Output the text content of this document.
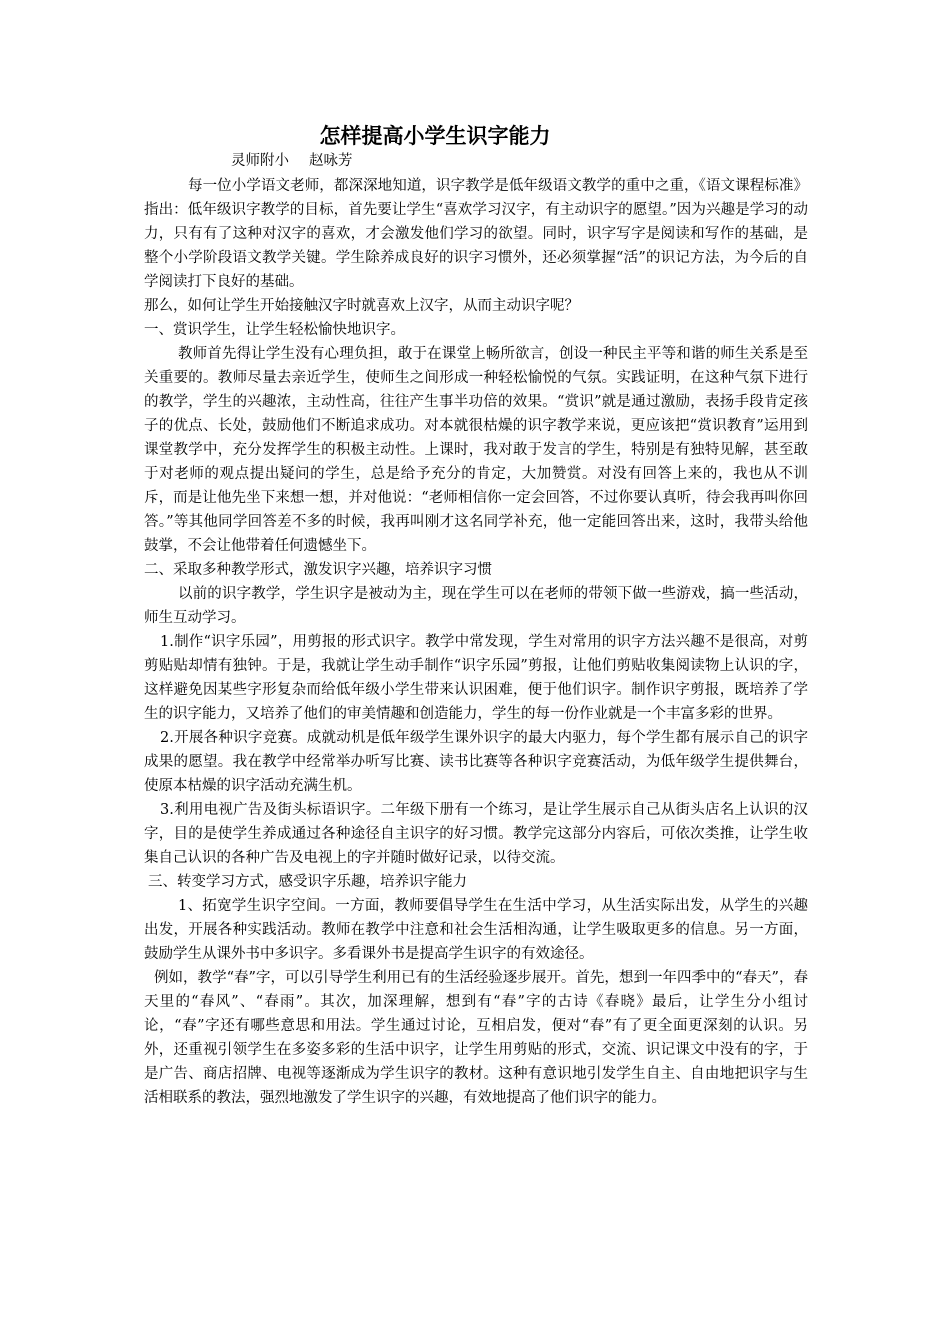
怎样提高小学生识字能力
灵师附小 赵咏芳

每一位小学语文老师，都深深地知道，识字教学是低年级语文教学的重中之重，《语文课程标准》指出：低年级识字教学的目标，首先要让学生“喜欢学习汉字，有主动识字的愿望。”因为兴趣是学习的动力，只有有了这种对汉字的喜欢，才会激发他们学习的欲望。同时，识字写字是阅读和写作的基础，是整个小学阶段语文教学关键。学生除养成良好的识字习惯外，还必须掌握“活”的识记方法，为今后的自学阅读打下良好的基础。

那么，如何让学生开始接触汉字时就喜欢上汉字，从而主动识字呢？

一、赏识学生，让学生轻松愉快地识字。

教师首先得让学生没有心理负担，敢于在课堂上畅所欲言，创设一种民主平等和谐的师生关系是至关重要的。教师尽量去亲近学生，使师生之间形成一种轻松愉悦的气氛。实践证明，在这种气氛下进行的教学，学生的兴趣浓，主动性高，往往产生事半功倍的效果。“赏识”就是通过激励，表扬手段肯定孩子的优点、长处，鼓励他们不断追求成功。对本就很枯燥的识字教学来说，更应该把“赏识教育”运用到课堂教学中，充分发挥学生的积极主动性。上课时，我对敢于发言的学生，特别是有独特见解，甚至敢于对老师的观点提出疑问的学生，总是给予充分的肯定，大加赞赏。对没有回答上来的，我也从不训斥，而是让他先坐下来想一想，并对他说：“老师相信你一定会回答，不过你要认真听，待会我再叫你回答。”等其他同学回答差不多的时候，我再叫刚才这名同学补充，他一定能回答出来，这时，我带头给他鼓掌，不会让他带着任何遗憾坐下。

二、采取多种教学形式，激发识字兴趣，培养识字习惯

以前的识字教学，学生识字是被动为主，现在学生可以在老师的带领下做一些游戏，搞一些活动，师生互动学习。

1.制作“识字乐园”，用剪报的形式识字。教学中常发现，学生对常用的识字方法兴趣不是很高，对剪剪贴贴却情有独钟。于是，我就让学生动手制作“识字乐园”剪报，让他们剪贴收集阅读物上认识的字，这样避免因某些字形复杂而给低年级小学生带来认识困难，便于他们识字。制作识字剪报，既培养了学生的识字能力，又培养了他们的审美情趣和创造能力，学生的每一份作业就是一个丰富多彩的世界。

2.开展各种识字竞赛。成就动机是低年级学生课外识字的最大内驱力，每个学生都有展示自己的识字成果的愿望。我在教学中经常举办听写比赛、读书比赛等各种识字竞赛活动，为低年级学生提供舞台，使原本枯燥的识字活动充满生机。

3.利用电视广告及街头标语识字。二年级下册有一个练习，是让学生展示自己从街头店名上认识的汉字，目的是使学生养成通过各种途径自主识字的好习惯。教学完这部分内容后，可依次类推，让学生收集自己认识的各种广告及电视上的字并随时做好记录，以待交流。

三、转变学习方式，感受识字乐趣，培养识字能力

1、拓宽学生识字空间。一方面，教师要倡导学生在生活中学习，从生活实际出发，从学生的兴趣出发，开展各种实践活动。教师在教学中注意和社会生活相沟通，让学生吸取更多的信息。另一方面，鼓励学生从课外书中多识字。多看课外书是提高学生识字的有效途径。

例如，教学“春”字，可以引导学生利用已有的生活经验逐步展开。首先，想到一年四季中的“春天”，春天里的“春风”、“春雨”。其次，加深理解，想到有“春”字的古诗《春晓》最后，让学生分小组讨论，“春”字还有哪些意思和用法。学生通过讨论，互相启发，便对“春”有了更全面更深刻的认识。另外，还重视引领学生在多姿多彩的生活中识字，让学生用剪贴的形式，交流、识记课文中没有的字，于是广告、商店招牌、电视等逐渐成为学生识字的教材。这种有意识地引发学生自主、自由地把识字与生活相联系的教法，强烈地激发了学生识字的兴趣，有效地提高了他们识字的能力。
